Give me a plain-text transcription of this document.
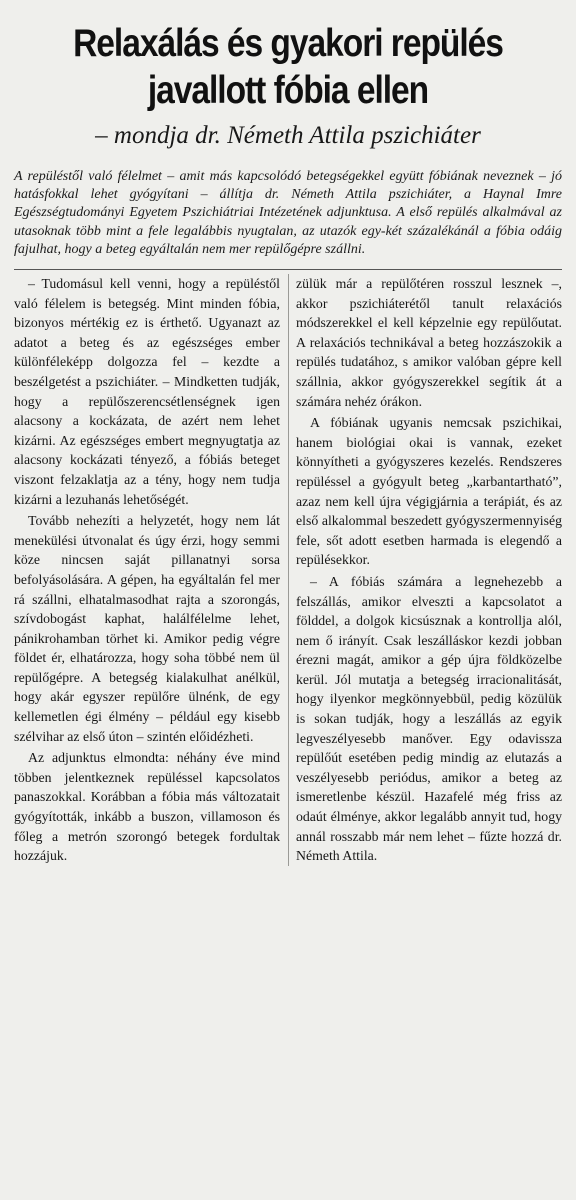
Relaxálás és gyakori repülés
javallott fóbia ellen
– mondja dr. Németh Attila pszichiáter

A repüléstől való félelmet – amit más kapcsolódó betegségekkel együtt fóbiának neveznek – jó hatásfokkal lehet gyógyítani – állítja dr. Németh Attila pszichiáter, a Haynal Imre Egészségtudományi Egyetem Pszichiátriai Intézetének adjunktusa. A első repülés alkalmával az utasoknak több mint a fele legalábbis nyugtalan, az utazók egy-két százalékánál a fóbia odáig fajulhat, hogy a beteg egyáltalán nem mer repülőgépre szállni.

– Tudomásul kell venni, hogy a repüléstől való félelem is betegség. Mint minden fóbia, bizonyos mértékig ez is érthető. Ugyanazt az adatot a beteg és az egészséges ember különféleképp dolgozza fel – kezdte a beszélgetést a pszichiáter. – Mindketten tudják, hogy a repülőszerencsétlenségnek igen alacsony a kockázata, de azért nem lehet kizárni. Az egészséges embert megnyugtatja az alacsony kockázati tényező, a fóbiás beteget viszont felzaklatja az a tény, hogy nem tudja kizárni a lezuhanás lehetőségét.

Tovább nehezíti a helyzetét, hogy nem lát menekülési útvonalat és úgy érzi, hogy semmi köze nincsen saját pillanatnyi sorsa befolyásolására. A gépen, ha egyáltalán fel mer rá szállni, elhatalmasodhat rajta a szorongás, szívdobogást kaphat, halálfélelme lehet, pánikrohamban törhet ki. Amikor pedig végre földet ér, elhatározza, hogy soha többé nem ül repülőgépre. A betegség kialakulhat anélkül, hogy akár egyszer repülőre ülnénk, de egy kellemetlen égi élmény – például egy kisebb szélvihar az első úton – szintén előidézheti.

Az adjunktus elmondta: néhány éve mind többen jelentkeznek repüléssel kapcsolatos panaszokkal. Korábban a fóbia más változatait gyógyították, inkább a buszon, villamoson és főleg a metrón szorongó betegek fordultak hozzájuk.

zülük már a repülőtéren rosszul lesznek –, akkor pszichiáterétől tanult relaxációs módszerekkel el kell képzelnie egy repülőutat. A relaxációs technikával a beteg hozzászokik a repülés tudatához, s amikor valóban gépre kell szállnia, akkor gyógyszerekkel segítik át a számára nehéz órákon.

A fóbiának ugyanis nemcsak pszichikai, hanem biológiai okai is vannak, ezeket könnyítheti a gyógyszeres kezelés. Rendszeres repüléssel a gyógyult beteg „karbantartható”, azaz nem kell újra végigjárnia a terápiát, és az első alkalommal beszedett gyógyszermennyiség fele, sőt adott esetben harmada is elegendő a repülésekkor.

– A fóbiás számára a legnehezebb a felszállás, amikor elveszti a kapcsolatot a földdel, a dolgok kicsúsznak a kontrollja alól, nem ő irányít. Csak leszálláskor kezdi jobban érezni magát, amikor a gép újra földközelbe kerül. Jól mutatja a betegség irracionalitását, hogy ilyenkor megkönnyebbül, pedig közülük is sokan tudják, hogy a leszállás az egyik legveszélyesebb manőver. Egy odavissza repülőút esetében pedig mindig az elutazás a veszélyesebb periódus, amikor a beteg az ismeretlenbe készül. Hazafelé még friss az odaút élménye, akkor legalább annyit tud, hogy annál rosszabb már nem lehet – fűzte hozzá dr. Németh Attila.
